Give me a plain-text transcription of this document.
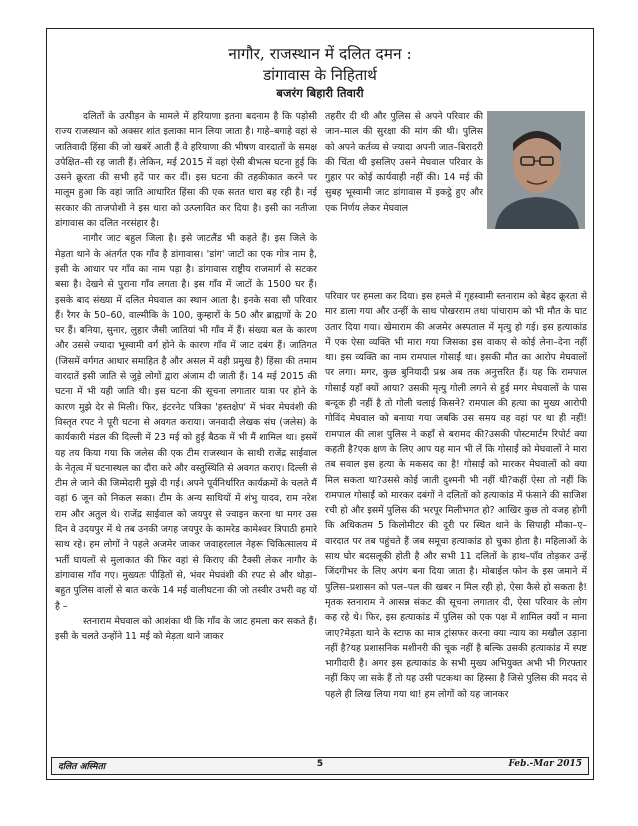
नागौर, राजस्थान में दलित दमन :
डांगावास के निहितार्थ
बजरंग बिहारी तिवारी

दलितों के उत्पीड़न के मामले में हरियाणा इतना बदनाम है कि पड़ोसी राज्य राजस्थान को अक्सर शांत इलाका मान लिया जाता है। गाहे–बगाहे वहां से जातिवादी हिंसा की जो खबरें आती हैं वे हरियाणा की भीषण वारदातों के समक्ष उपेक्षित–सी रह जाती हैं। लेकिन, मई 2015 में वहां ऐसी बीभत्स घटना हुई कि उसने क्रूरता की सभी हदें पार कर दीं। इस घटना की तहकीकात करने पर मालूम हुआ कि वहां जाति आधारित हिंसा की एक सतत धारा बह रही है। नई सरकार की ताजपोशी ने इस धारा को उत्प्लावित कर दिया है। इसी का नतीजा डांगावास का दलित नरसंहार है।

नागौर जाट बहुल जिला है। इसे जाटलैंड भी कहते हैं। इस जिले के मेड़ता थाने के अंतर्गत एक गाँव है डांगावास। 'डांग' जाटों का एक गोत्र नाम है, इसी के आधार पर गाँव का नाम पड़ा है। डांगावास राष्ट्रीय राजमार्ग से सटकर बसा है। देखने से पुराना गाँव लगता है। इस गाँव में जाटों के 1500 घर हैं। इसके बाद संख्या में दलित मेघवाल का स्थान आता है। इनके सवा सौ परिवार हैं। रैगर के 50–60, वाल्मीकि के 100, कुम्हारों के 50 और ब्राह्मणों के 20 घर हैं। बनिया, सुनार, लुहार जैसी जातियां भी गाँव में हैं। संख्या बल के कारण और उससे ज्यादा भूस्वामी वर्ग होने के कारण गाँव में जाट दबंग हैं। जातिगत (जिसमें वर्गगत आधार समाहित है और असल में वही प्रमुख है) हिंसा की तमाम वारदातें इसी जाति से जुड़े लोगों द्वारा अंजाम दी जाती हैं। 14 मई 2015 की घटना में भी यही जाति थी। इस घटना की सूचना लगातार यात्रा पर होने के कारण मुझे देर से मिली। फिर, इंटरनेट पत्रिका 'हस्तक्षेप' में भंवर मेघवंशी की विस्तृत रपट ने पूरी घटना से अवगत कराया। जनवादी लेखक संघ (जलेस) के कार्यकारी मंडल की दिल्ली में 23 मई को हुई बैठक में भी मैं शामिल था। इसमें यह तय किया गया कि जलेस की एक टीम राजस्थान के साथी राजेंद्र साईवाल के नेतृत्व में घटनास्थल का दौरा करे और वस्तुस्थिति से अवगत कराए। दिल्ली से टीम ले जाने की जिम्मेदारी मुझे दी गई। अपने पूर्वनिर्धारित कार्यक्रमों के चलते मैं वहां 6 जून को निकल सका। टीम के अन्य साथियों में शंभु यादव, राम नरेश राम और अतुल थे। राजेंद्र साईवाल को जयपुर से ज्वाइन करना था मगर उस दिन वे उदयपुर में थे तब उनकी जगह जयपुर के कामरेड कामेश्वर त्रिपाठी हमारे साथ रहे। हम लोगों ने पहले अजमेर जाकर जवाहरलाल नेहरू चिकित्सालय में भर्ती घायलों से मुलाकात की फिर वहां से किराए की टैक्सी लेकर नागौर के डांगावास गाँव गए। मुख्यतः पीड़ितों से, भंवर मेघवंशी की रपट से और थोड़ा–बहुत पुलिस वालों से बात करके 14 मई वालीघटना की जो तस्वीर उभरी वह यों है –

स्तनाराम मेघवाल को आशंका थी कि गाँव के जाट हमला कर सकते हैं। इसी के चलते उन्होंने 11 मई को मेड़ता थाने जाकर

तहरीर दी थी और पुलिस से अपने परिवार की जान–माल की सुरक्षा की मांग की थी। पुलिस को अपने कर्तव्य से ज्यादा अपनी जात–बिरादरी की चिंता थी इसलिए उसने मेघवाल परिवार के गुहार पर कोई कार्यवाही नहीं की। 14 मई की सुबह भूस्वामी जाट डांगावास में इकट्ठे हुए और एक निर्णय लेकर मेघवाल
परिवार पर हमला कर दिया। इस हमले में गृहस्वामी स्तनाराम को बेहद क्रूरता से मार डाला गया और उन्हीं के साथ पोखरराम तथा पांचाराम को भी मौत के घाट उतार दिया गया। खेमाराम की अजमेर अस्पताल में मृत्यु हो गई। इस हत्याकांड में एक ऐसा व्यक्ति भी मारा गया जिसका इस वाकए से कोई लेना–देना नहीं था। इस व्यक्ति का नाम रामपाल गोसाईं था। इसकी मौत का आरोप मेघवालों पर लगा। मगर, कुछ बुनियादी प्रश्न अब तक अनुत्तरित हैं। यह कि रामपाल गोसाईं यहाँ क्यों आया? उसकी मृत्यु गोली लगने से हुई मगर मेघवालों के पास बन्दूक ही नहीं है तो गोली चलाई किसने? रामपाल की हत्या का मुख्य आरोपी गोविंद मेघवाल को बनाया गया जबकि उस समय वह वहां पर था ही नहीं! रामपाल की लाश पुलिस ने कहाँ से बरामद की?उसकी पोस्टमार्टम रिपोर्ट क्या कहती है?एक क्षण के लिए आप यह मान भी लें कि गोसाईं को मेघवालों ने मारा तब सवाल इस हत्या के मकसद का है! गोसाईं को मारकर मेघवालों को क्या मिल सकता था?उससे कोई जाती दुश्मनी भी नहीं थी?कहीं ऐसा तो नहीं कि रामपाल गोसाईं को मारकर दबंगों ने दलितों को हत्याकांड में फंसाने की साजिश रची हो और इसमें पुलिस की भरपूर मिलीभगत हो? आखिर कुछ तो वजह होगी कि अधिकतम 5 किलोमीटर की दूरी पर स्थित थाने के सिपाही मौका–ए–वारदात पर तब पहुंचते हैं जब समूचा हत्याकांड हो चुका होता है। महिलाओं के साथ घोर बदसलूकी होती है और सभी 11 दलितों के हाथ–पाँव तोड़कर उन्हें जिंदगीभर के लिए अपंग बना दिया जाता है। मोबाईल फोन के इस जमाने में पुलिस–प्रशासन को पल–पल की खबर न मिल रही हो, ऐसा कैसे हो सकता है! मृतक स्तनाराम ने आसन्न संकट की सूचना लगातार दी, ऐसा परिवार के लोग कह रहे थे। फिर, इस हत्याकांड में पुलिस को एक पक्ष में शामिल क्यों न माना जाए?मेड़ता थाने के स्टाफ का मात्र ट्रांसफर करना क्या न्याय का मखौल उड़ाना नहीं है?यह प्रशासनिक मशीनरी की चूक नहीं है बल्कि उसकी हत्याकांड में स्पष्ट भागीदारी है। अगर इस हत्याकांड के सभी मुख्य अभियुक्त अभी भी गिरफ्तार नहीं किए जा सके हैं तो यह उसी पटकथा का हिस्सा है जिसे पुलिस की मदद से पहले ही लिख लिया गया था! हम लोगों को यह जानकर
दलित अस्मिता	5	Feb.-Mar 2015
